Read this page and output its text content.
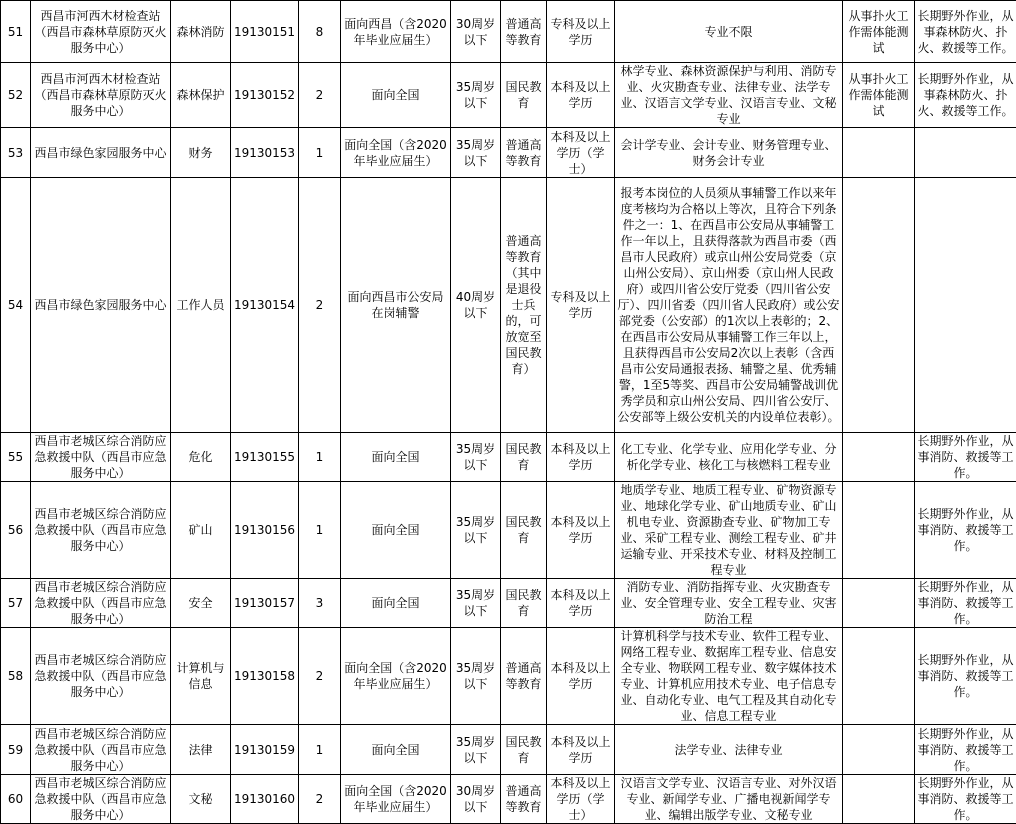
51	西昌市河西木材检查站（西昌市森林草原防灭火服务中心）	森林消防	19130151	8	面向西昌（含2020年毕业应届生）	30周岁以下	普通高等教育	专科及以上学历	专业不限	从事扑火工作需体能测试	长期野外作业，从事森林防火、扑火、救援等工作。
52	西昌市河西木材检查站（西昌市森林草原防灭火服务中心）	森林保护	19130152	2	面向全国	35周岁以下	国民教育	本科及以上学历	林学专业、森林资源保护与利用、消防专业、火灾勘查专业、法律专业、法学专业、汉语言文学专业、汉语言专业、文秘专业	从事扑火工作需体能测试	长期野外作业，从事森林防火、扑火、救援等工作。
53	西昌市绿色家园服务中心	财务	19130153	1	面向全国（含2020年毕业应届生）	35周岁以下	普通高等教育	本科及以上学历（学士）	会计学专业、会计专业、财务管理专业、财务会计专业		
54	西昌市绿色家园服务中心	工作人员	19130154	2	面向西昌市公安局在岗辅警	40周岁以下	普通高等教育（其中是退役士兵的，可放宽至国民教育）	专科及以上学历	报考本岗位的人员须从事辅警工作以来年度考核均为合格以上等次，且符合下列条件之一：1、在西昌市公安局从事辅警工作一年以上，且获得落款为西昌市委（西昌市人民政府）或京山州公安局党委（京山州公安局）、京山州委（京山州人民政府）或四川省公安厅党委（四川省公安厅）、四川省委（四川省人民政府）或公安部党委（公安部）的1次以上表彰的；2、在西昌市公安局从事辅警工作三年以上，且获得西昌市公安局2次以上表彰（含西昌市公安局通报表扬、辅警之星、优秀辅警，1至5等奖、西昌市公安局辅警战训优秀学员和京山州公安局、四川省公安厅、公安部等上级公安机关的内设单位表彰）。		
55	西昌市老城区综合消防应急救援中队（西昌市应急服务中心）	危化	19130155	1	面向全国	35周岁以下	国民教育	本科及以上学历	化工专业、化学专业、应用化学专业、分析化学专业、核化工与核燃料工程专业		长期野外作业，从事消防、救援等工作。
56	西昌市老城区综合消防应急救援中队（西昌市应急服务中心）	矿山	19130156	1	面向全国	35周岁以下	国民教育	本科及以上学历	地质学专业、地质工程专业、矿物资源专业、地球化学专业、矿山地质专业、矿山机电专业、资源勘查专业、矿物加工专业、采矿工程专业、测绘工程专业、矿井运输专业、开采技术专业、材料及控制工程专业		长期野外作业，从事消防、救援等工作。
57	西昌市老城区综合消防应急救援中队（西昌市应急服务中心）	安全	19130157	3	面向全国	35周岁以下	国民教育	本科及以上学历	消防专业、消防指挥专业、火灾勘查专业、安全管理专业、安全工程专业、灾害防治工程		长期野外作业，从事消防、救援等工作。
58	西昌市老城区综合消防应急救援中队（西昌市应急服务中心）	计算机与信息	19130158	2	面向全国（含2020年毕业应届生）	35周岁以下	普通高等教育	本科及以上学历	计算机科学与技术专业、软件工程专业、网络工程专业、数据库工程专业、信息安全专业、物联网工程专业、数字媒体技术专业、计算机应用技术专业、电子信息专业、自动化专业、电气工程及其自动化专业、信息工程专业		长期野外作业，从事消防、救援等工作。
59	西昌市老城区综合消防应急救援中队（西昌市应急服务中心）	法律	19130159	1	面向全国	35周岁以下	国民教育	本科及以上学历	法学专业、法律专业		长期野外作业，从事消防、救援等工作。
60	西昌市老城区综合消防应急救援中队（西昌市应急服务中心）	文秘	19130160	2	面向全国（含2020年毕业应届生）	30周岁以下	普通高等教育	本科及以上学历（学士）	汉语言文学专业、汉语言专业、对外汉语专业、新闻学专业、广播电视新闻学专业、编辑出版学专业、文秘专业		长期野外作业，从事消防、救援等工作。
